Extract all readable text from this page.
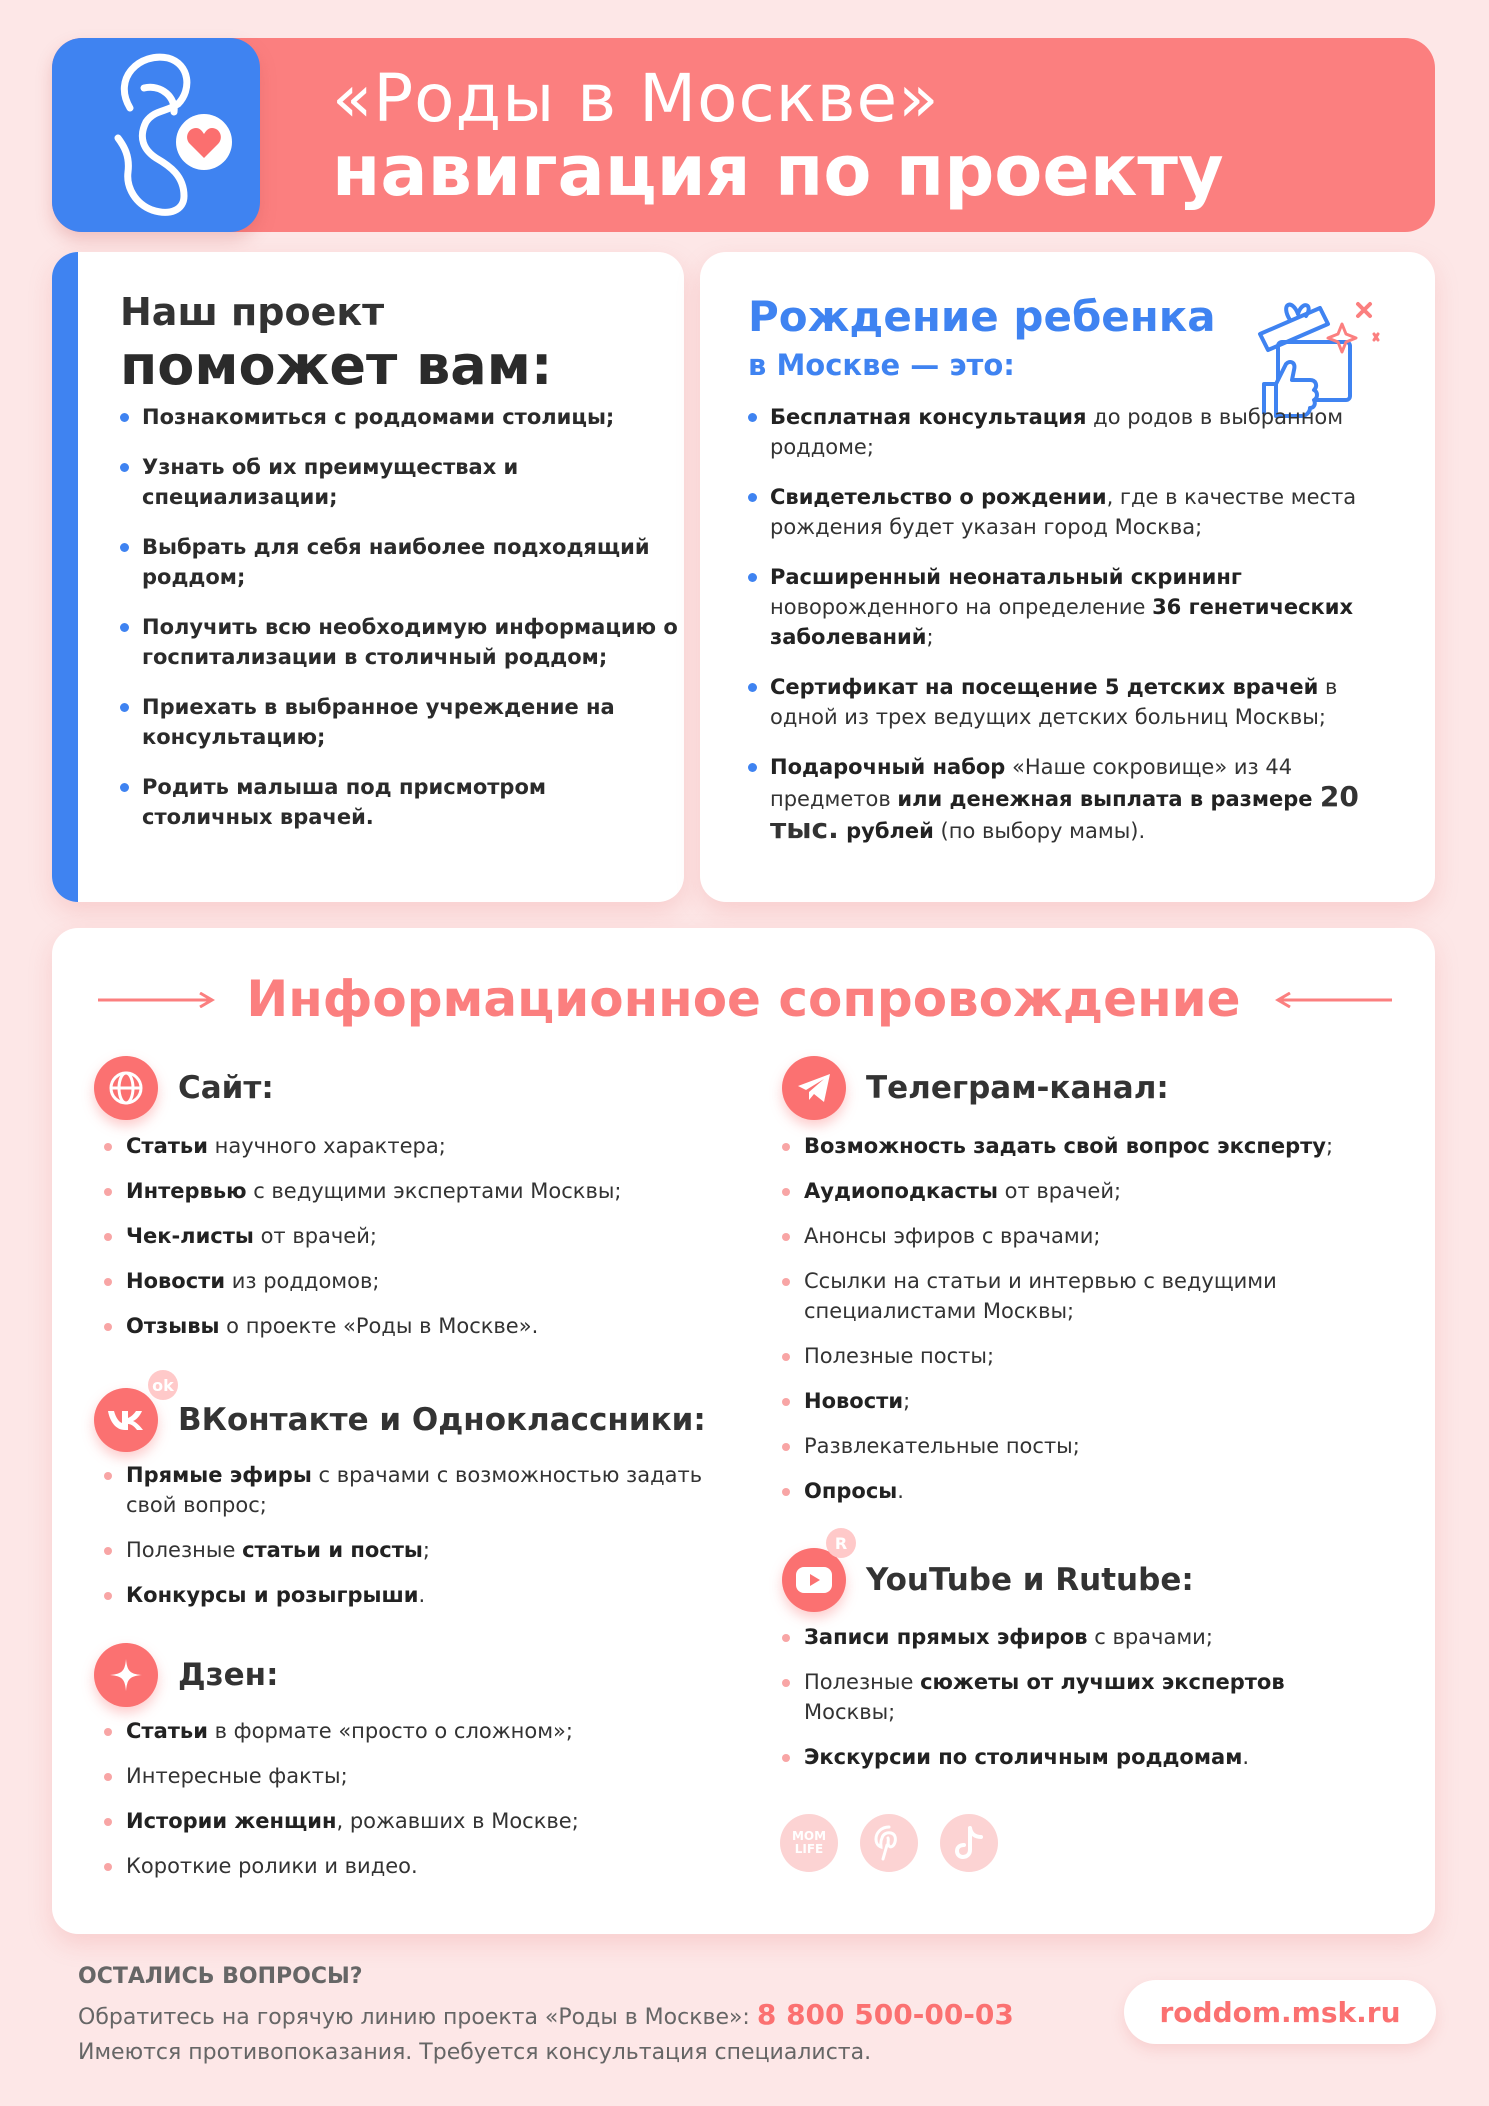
«Роды в Москве»
навигация по проекту
Наш проект
поможет вам:
Познакомиться с роддомами столицы;
Узнать об их преимуществах и специализации;
Выбрать для себя наиболее подходящий роддом;
Получить всю необходимую информацию о госпитализации в столичный роддом;
Приехать в выбранное учреждение на консультацию;
Родить малыша под присмотром столичных врачей.
Рождение ребенка
в Москве — это:
Бесплатная консультация до родов в выбранном роддоме;
Свидетельство о рождении, где в качестве места рождения будет указан город Москва;
Расширенный неонатальный скрининг новорожденного на определение 36 генетических заболеваний;
Сертификат на посещение 5 детских врачей в одной из трех ведущих детских больниц Москвы;
Подарочный набор «Наше сокровище» из 44 предметов или денежная выплата в размере 20 тыс. рублей (по выбору мамы).
Информационное сопровождение
Сайт:
Статьи научного характера;
Интервью с ведущими экспертами Москвы;
Чек-листы от врачей;
Новости из роддомов;
Отзывы о проекте «Роды в Москве».
ok
ВКонтакте и Одноклассники:
Прямые эфиры с врачами с возможностью задать свой вопрос;
Полезные статьи и посты;
Конкурсы и розыгрыши.
Дзен:
Статьи в формате «просто о сложном»;
Интересные факты;
Истории женщин, рожавших в Москве;
Короткие ролики и видео.
Телеграм-канал:
Возможность задать свой вопрос эксперту;
Аудиоподкасты от врачей;
Анонсы эфиров с врачами;
Ссылки на статьи и интервью с ведущими специалистами Москвы;
Полезные посты;
Новости;
Развлекательные посты;
Опросы.
R
YouTube и Rutube:
Записи прямых эфиров с врачами;
Полезные сюжеты от лучших экспертов Москвы;
Экскурсии по столичным роддомам.
MOM LIFE
ОСТАЛИСЬ ВОПРОСЫ?
Обратитесь на горячую линию проекта «Роды в Москве»: 8 800 500-00-03
Имеются противопоказания. Требуется консультация специалиста.
roddom.msk.ru
